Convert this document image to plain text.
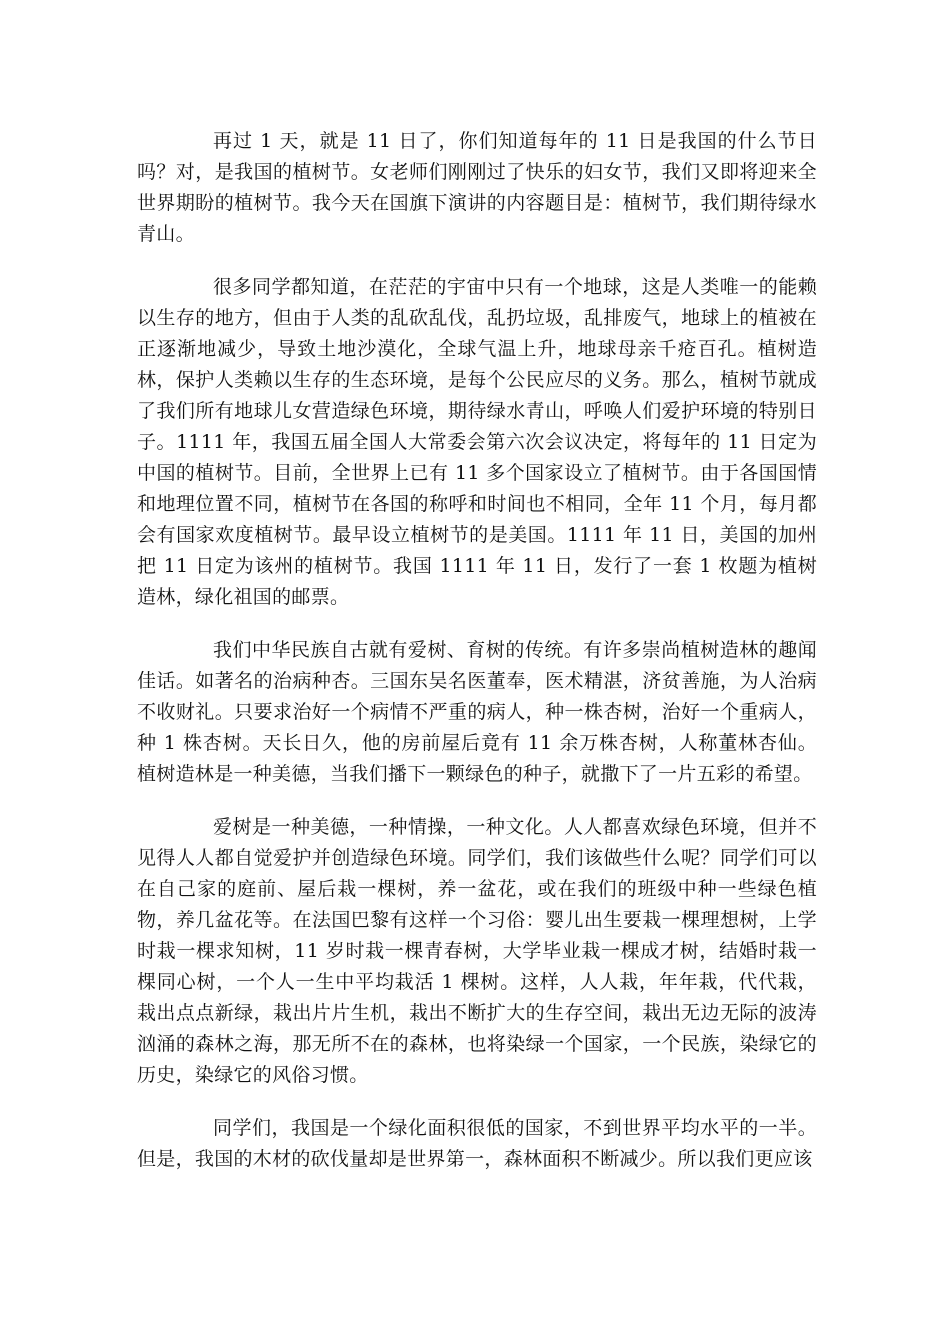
再过 1 天，就是 11 日了，你们知道每年的 11 日是我国的什么节日吗？对，是我国的植树节。女老师们刚刚过了快乐的妇女节，我们又即将迎来全世界期盼的植树节。我今天在国旗下演讲的内容题目是：植树节，我们期待绿水青山。

很多同学都知道，在茫茫的宇宙中只有一个地球，这是人类唯一的能赖以生存的地方，但由于人类的乱砍乱伐，乱扔垃圾，乱排废气，地球上的植被在正逐渐地减少，导致土地沙漠化，全球气温上升，地球母亲千疮百孔。植树造林，保护人类赖以生存的生态环境，是每个公民应尽的义务。那么，植树节就成了我们所有地球儿女营造绿色环境，期待绿水青山，呼唤人们爱护环境的特别日子。1111 年，我国五届全国人大常委会第六次会议决定，将每年的 11 日定为中国的植树节。目前，全世界上已有 11 多个国家设立了植树节。由于各国国情和地理位置不同，植树节在各国的称呼和时间也不相同，全年 11 个月，每月都会有国家欢度植树节。最早设立植树节的是美国。1111 年 11 日，美国的加州把 11 日定为该州的植树节。我国 1111 年 11 日，发行了一套 1 枚题为植树造林，绿化祖国的邮票。

我们中华民族自古就有爱树、育树的传统。有许多崇尚植树造林的趣闻佳话。如著名的治病种杏。三国东吴名医董奉，医术精湛，济贫善施，为人治病不收财礼。只要求治好一个病情不严重的病人，种一株杏树，治好一个重病人，种 1 株杏树。天长日久，他的房前屋后竟有 11 余万株杏树，人称董林杏仙。植树造林是一种美德，当我们播下一颗绿色的种子，就撒下了一片五彩的希望。

爱树是一种美德，一种情操，一种文化。人人都喜欢绿色环境，但并不见得人人都自觉爱护并创造绿色环境。同学们，我们该做些什么呢？同学们可以在自己家的庭前、屋后栽一棵树，养一盆花，或在我们的班级中种一些绿色植物，养几盆花等。在法国巴黎有这样一个习俗：婴儿出生要栽一棵理想树，上学时栽一棵求知树，11 岁时栽一棵青春树，大学毕业栽一棵成才树，结婚时栽一棵同心树，一个人一生中平均栽活 1 棵树。这样，人人栽，年年栽，代代栽，栽出点点新绿，栽出片片生机，栽出不断扩大的生存空间，栽出无边无际的波涛汹涌的森林之海，那无所不在的森林，也将染绿一个国家，一个民族，染绿它的历史，染绿它的风俗习惯。

同学们，我国是一个绿化面积很低的国家，不到世界平均水平的一半。但是，我国的木材的砍伐量却是世界第一，森林面积不断减少。所以我们更应该
